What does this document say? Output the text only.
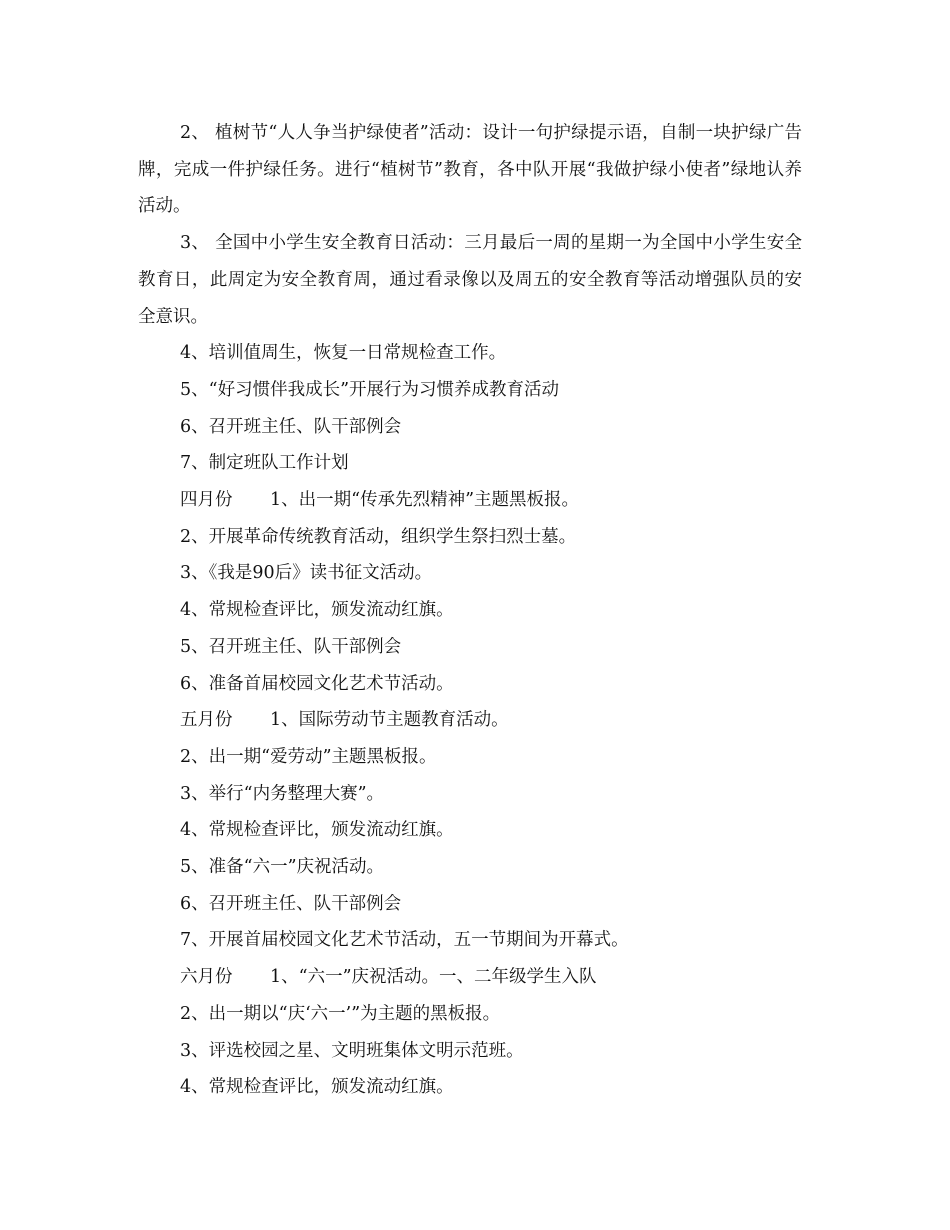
2、 植树节“人人争当护绿使者”活动：设计一句护绿提示语，自制一块护绿广告牌，完成一件护绿任务。进行“植树节”教育，各中队开展“我做护绿小使者”绿地认养活动。

3、 全国中小学生安全教育日活动：三月最后一周的星期一为全国中小学生安全教育日，此周定为安全教育周，通过看录像以及周五的安全教育等活动增强队员的安全意识。

4、培训值周生，恢复一日常规检查工作。

5、“好习惯伴我成长”开展行为习惯养成教育活动

6、召开班主任、队干部例会

7、制定班队工作计划

四月份 1、出一期“传承先烈精神”主题黑板报。

2、开展革命传统教育活动，组织学生祭扫烈士墓。

3、《我是90后》读书征文活动。

4、常规检查评比，颁发流动红旗。

5、召开班主任、队干部例会

6、准备首届校园文化艺术节活动。

五月份 1、国际劳动节主题教育活动。

2、出一期“爱劳动”主题黑板报。

3、举行“内务整理大赛”。

4、常规检查评比，颁发流动红旗。

5、准备“六一”庆祝活动。

6、召开班主任、队干部例会

7、开展首届校园文化艺术节活动，五一节期间为开幕式。

六月份 1、“六一”庆祝活动。一、二年级学生入队

2、出一期以“庆‘六一’”为主题的黑板报。

3、评选校园之星、文明班集体文明示范班。

4、常规检查评比，颁发流动红旗。
